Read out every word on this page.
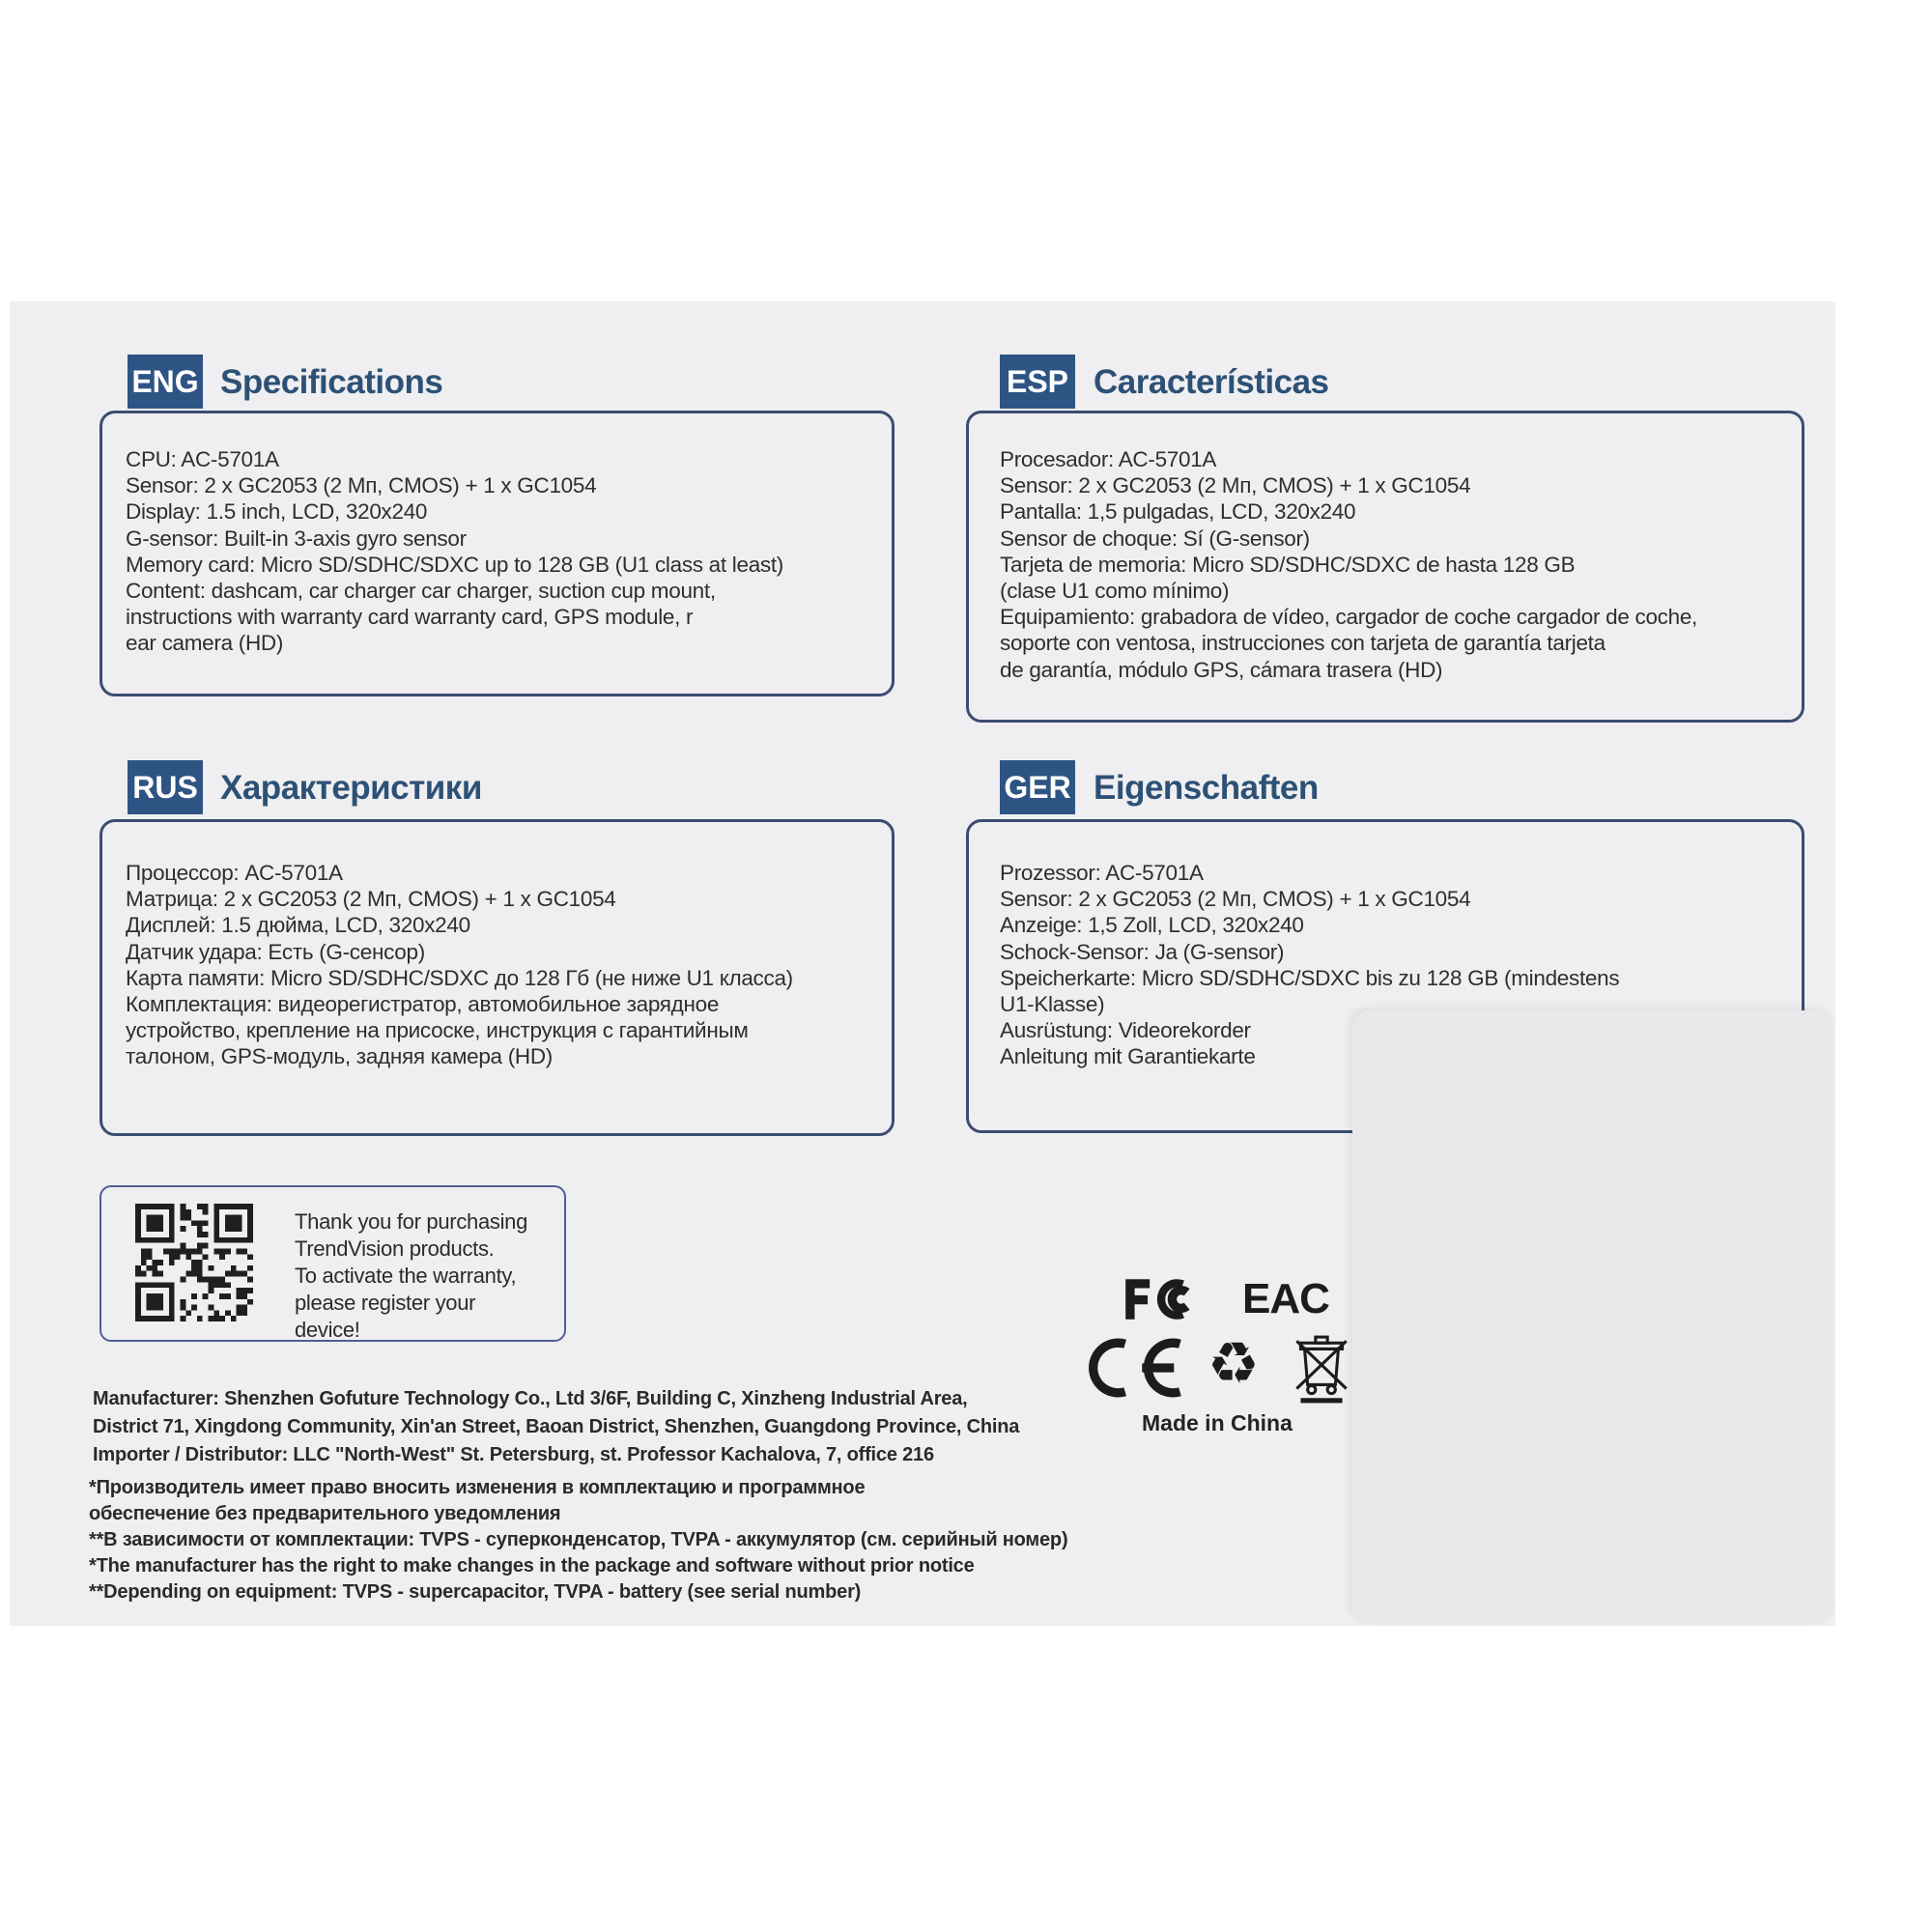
ENG Specifications
CPU: AC-5701A
Sensor: 2 x GC2053 (2 Мп, CMOS) + 1 x GC1054
Display: 1.5 inch, LCD, 320x240
G-sensor: Built-in 3-axis gyro sensor
Memory card: Micro SD/SDHC/SDXC up to 128 GB (U1 class at least)
Content: dashcam, car charger car charger, suction cup mount,
instructions with warranty card warranty card, GPS module, r
ear camera (HD)
ESP Características
Procesador: AC-5701A
Sensor: 2 x GC2053 (2 Мп, CMOS) + 1 x GC1054
Pantalla: 1,5 pulgadas, LCD, 320x240
Sensor de choque: Sí (G-sensor)
Tarjeta de memoria: Micro SD/SDHC/SDXC de hasta 128 GB
(clase U1 como mínimo)
Equipamiento: grabadora de vídeo, cargador de coche cargador de coche,
soporte con ventosa, instrucciones con tarjeta de garantía tarjeta
de garantía, módulo GPS, cámara trasera (HD)
RUS Характеристики
Процессор: AC-5701A
Матрица: 2 x GC2053 (2 Мп, CMOS) + 1 x GC1054
Дисплей: 1.5 дюйма, LCD, 320x240
Датчик удара: Есть (G-сенсор)
Карта памяти: Micro SD/SDHC/SDXC до 128 Гб (не ниже U1 класса)
Комплектация: видеорегистратор, автомобильное зарядное
устройство, крепление на присоске, инструкция с гарантийным
талоном, GPS-модуль, задняя камера (HD)
GER Eigenschaften
Prozessor: AC-5701A
Sensor: 2 x GC2053 (2 Мп, CMOS) + 1 x GC1054
Anzeige: 1,5 Zoll, LCD, 320x240
Schock-Sensor: Ja (G-sensor)
Speicherkarte: Micro SD/SDHC/SDXC bis zu 128 GB (mindestens
U1-Klasse)
Ausrüstung: Videorekorder
Anleitung mit Garantiekarte
Thank you for purchasing
TrendVision products.
To activate the warranty,
please register your
device!
Manufacturer: Shenzhen Gofuture Technology Co., Ltd 3/6F, Building C, Xinzheng Industrial Area,
District 71, Xingdong Community, Xin'an Street, Baoan District, Shenzhen, Guangdong Province, China
Importer / Distributor: LLC "North-West" St. Petersburg, st. Professor Kachalova, 7, office 216
*Производитель имеет право вносить изменения в комплектацию и программное
обеспечение без предварительного уведомления
**В зависимости от комплектации: TVPS - суперконденсатор, TVPA - аккумулятор (см. серийный номер)
*The manufacturer has the right to make changes in the package and software without prior notice
**Depending on equipment: TVPS - supercapacitor, TVPA - battery (see serial number)
EAC
♻
Made in China
